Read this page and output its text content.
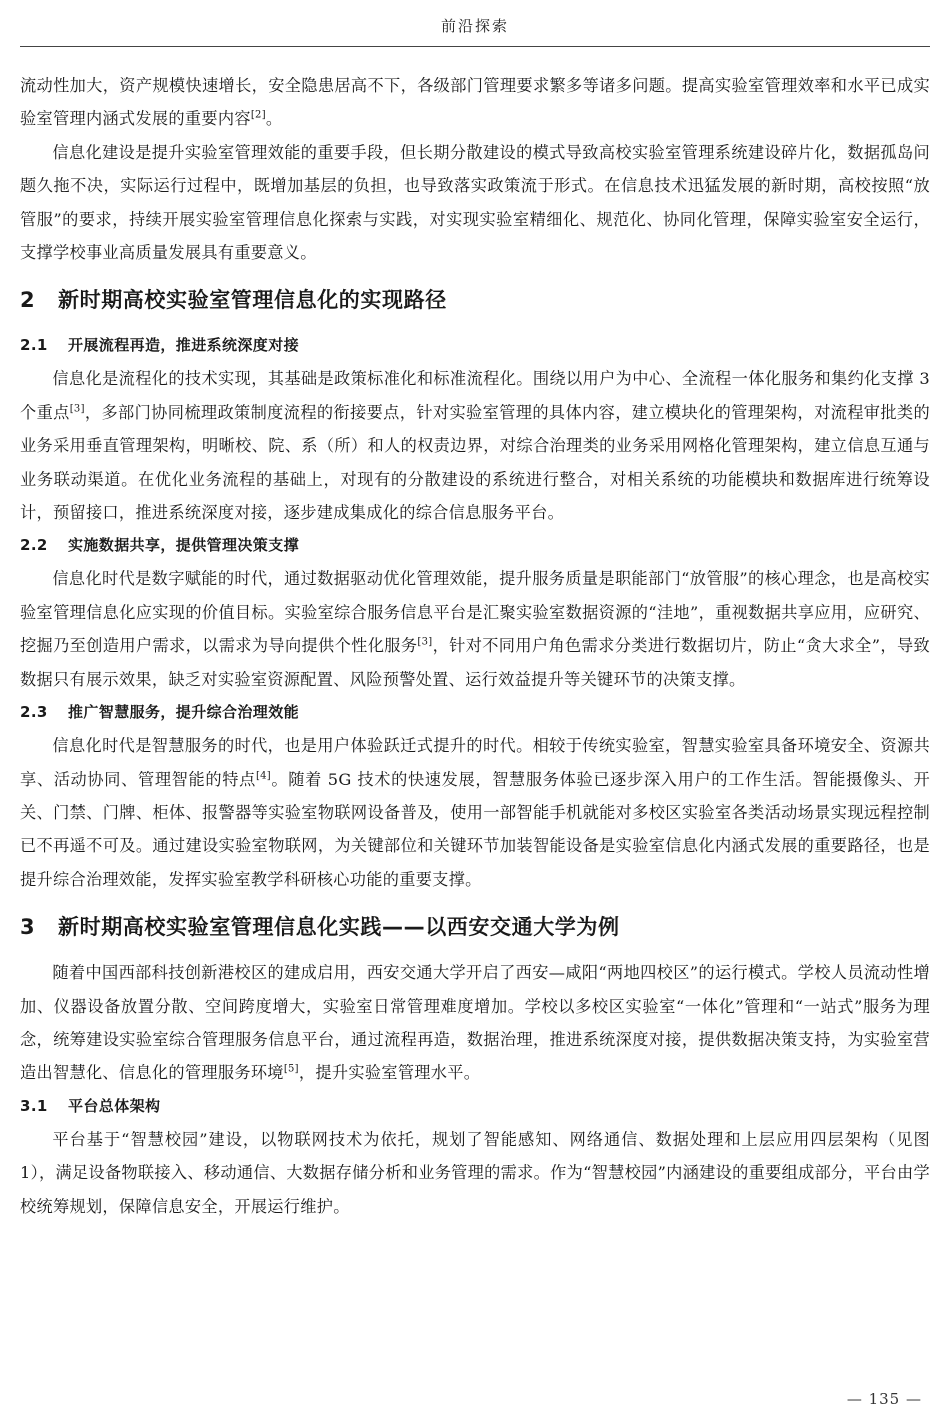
前沿探索

流动性加大，资产规模快速增长，安全隐患居高不下，各级部门管理要求繁多等诸多问题。提高实验室管理效率和水平已成实验室管理内涵式发展的重要内容[2]。

信息化建设是提升实验室管理效能的重要手段，但长期分散建设的模式导致高校实验室管理系统建设碎片化，数据孤岛问题久拖不决，实际运行过程中，既增加基层的负担，也导致落实政策流于形式。在信息技术迅猛发展的新时期，高校按照“放管服”的要求，持续开展实验室管理信息化探索与实践，对实现实验室精细化、规范化、协同化管理，保障实验室安全运行，支撑学校事业高质量发展具有重要意义。

2 新时期高校实验室管理信息化的实现路径
2.1 开展流程再造，推进系统深度对接

信息化是流程化的技术实现，其基础是政策标准化和标准流程化。围绕以用户为中心、全流程一体化服务和集约化支撑 3 个重点[3]，多部门协同梳理政策制度流程的衔接要点，针对实验室管理的具体内容，建立模块化的管理架构，对流程审批类的业务采用垂直管理架构，明晰校、院、系（所）和人的权责边界，对综合治理类的业务采用网格化管理架构，建立信息互通与业务联动渠道。在优化业务流程的基础上，对现有的分散建设的系统进行整合，对相关系统的功能模块和数据库进行统筹设计，预留接口，推进系统深度对接，逐步建成集成化的综合信息服务平台。

2.2 实施数据共享，提供管理决策支撑

信息化时代是数字赋能的时代，通过数据驱动优化管理效能，提升服务质量是职能部门“放管服”的核心理念，也是高校实验室管理信息化应实现的价值目标。实验室综合服务信息平台是汇聚实验室数据资源的“洼地”，重视数据共享应用，应研究、挖掘乃至创造用户需求，以需求为导向提供个性化服务[3]，针对不同用户角色需求分类进行数据切片，防止“贪大求全”，导致数据只有展示效果，缺乏对实验室资源配置、风险预警处置、运行效益提升等关键环节的决策支撑。

2.3 推广智慧服务，提升综合治理效能

信息化时代是智慧服务的时代，也是用户体验跃迁式提升的时代。相较于传统实验室，智慧实验室具备环境安全、资源共享、活动协同、管理智能的特点[4]。随着 5G 技术的快速发展，智慧服务体验已逐步深入用户的工作生活。智能摄像头、开关、门禁、门牌、柜体、报警器等实验室物联网设备普及，使用一部智能手机就能对多校区实验室各类活动场景实现远程控制已不再遥不可及。通过建设实验室物联网，为关键部位和关键环节加装智能设备是实验室信息化内涵式发展的重要路径，也是提升综合治理效能，发挥实验室教学科研核心功能的重要支撑。

3 新时期高校实验室管理信息化实践——以西安交通大学为例

随着中国西部科技创新港校区的建成启用，西安交通大学开启了西安—咸阳“两地四校区”的运行模式。学校人员流动性增加、仪器设备放置分散、空间跨度增大，实验室日常管理难度增加。学校以多校区实验室“一体化”管理和“一站式”服务为理念，统筹建设实验室综合管理服务信息平台，通过流程再造，数据治理，推进系统深度对接，提供数据决策支持，为实验室营造出智慧化、信息化的管理服务环境[5]，提升实验室管理水平。

3.1 平台总体架构

平台基于“智慧校园”建设，以物联网技术为依托，规划了智能感知、网络通信、数据处理和上层应用四层架构（见图 1），满足设备物联接入、移动通信、大数据存储分析和业务管理的需求。作为“智慧校园”内涵建设的重要组成部分，平台由学校统筹规划，保障信息安全，开展运行维护。

— 135 —
